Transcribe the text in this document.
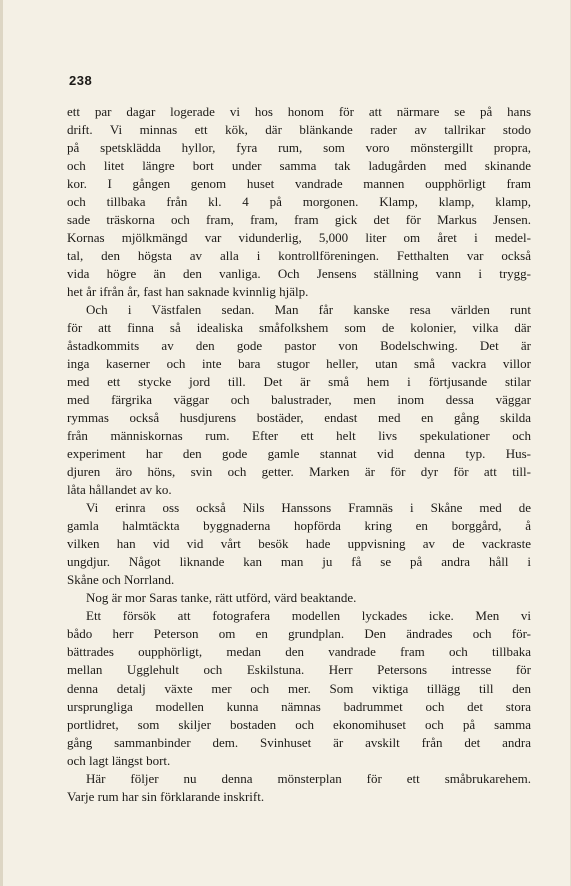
238
ett par dagar logerade vi hos honom för att närmare se på hans
drift. Vi minnas ett kök, där blänkande rader av tallrikar stodo
på spetsklädda hyllor, fyra rum, som voro mönstergillt propra,
och litet längre bort under samma tak ladugården med skinande
kor. I gången genom huset vandrade mannen oupphörligt fram
och tillbaka från kl. 4 på morgonen. Klamp, klamp, klamp,
sade träskorna och fram, fram, fram gick det för Markus Jensen.
Kornas mjölkmängd var vidunderlig, 5,000 liter om året i medel-
tal, den högsta av alla i kontrollföreningen. Fetthalten var också
vida högre än den vanliga. Och Jensens ställning vann i trygg-
het år ifrån år, fast han saknade kvinnlig hjälp.
Och i Västfalen sedan. Man får kanske resa världen runt
för att finna så idealiska småfolkshem som de kolonier, vilka där
åstadkommits av den gode pastor von Bodelschwing. Det är
inga kaserner och inte bara stugor heller, utan små vackra villor
med ett stycke jord till. Det är små hem i förtjusande stilar
med färgrika väggar och balustrader, men inom dessa väggar
rymmas också husdjurens bostäder, endast med en gång skilda
från människornas rum. Efter ett helt livs spekulationer och
experiment har den gode gamle stannat vid denna typ. Hus-
djuren äro höns, svin och getter. Marken är för dyr för att till-
låta hållandet av ko.
Vi erinra oss också Nils Hanssons Framnäs i Skåne med de
gamla halmtäckta byggnaderna hopförda kring en borggård, å
vilken han vid vid vårt besök hade uppvisning av de vackraste
ungdjur. Något liknande kan man ju få se på andra håll i
Skåne och Norrland.
Nog är mor Saras tanke, rätt utförd, värd beaktande.
Ett försök att fotografera modellen lyckades icke. Men vi
bådo herr Peterson om en grundplan. Den ändrades och för-
bättrades oupphörligt, medan den vandrade fram och tillbaka
mellan Ugglehult och Eskilstuna. Herr Petersons intresse för
denna detalj växte mer och mer. Som viktiga tillägg till den
ursprungliga modellen kunna nämnas badrummet och det stora
portlidret, som skiljer bostaden och ekonomihuset och på samma
gång sammanbinder dem. Svinhuset är avskilt från det andra
och lagt längst bort.
Här följer nu denna mönsterplan för ett småbrukarehem.
Varje rum har sin förklarande inskrift.
